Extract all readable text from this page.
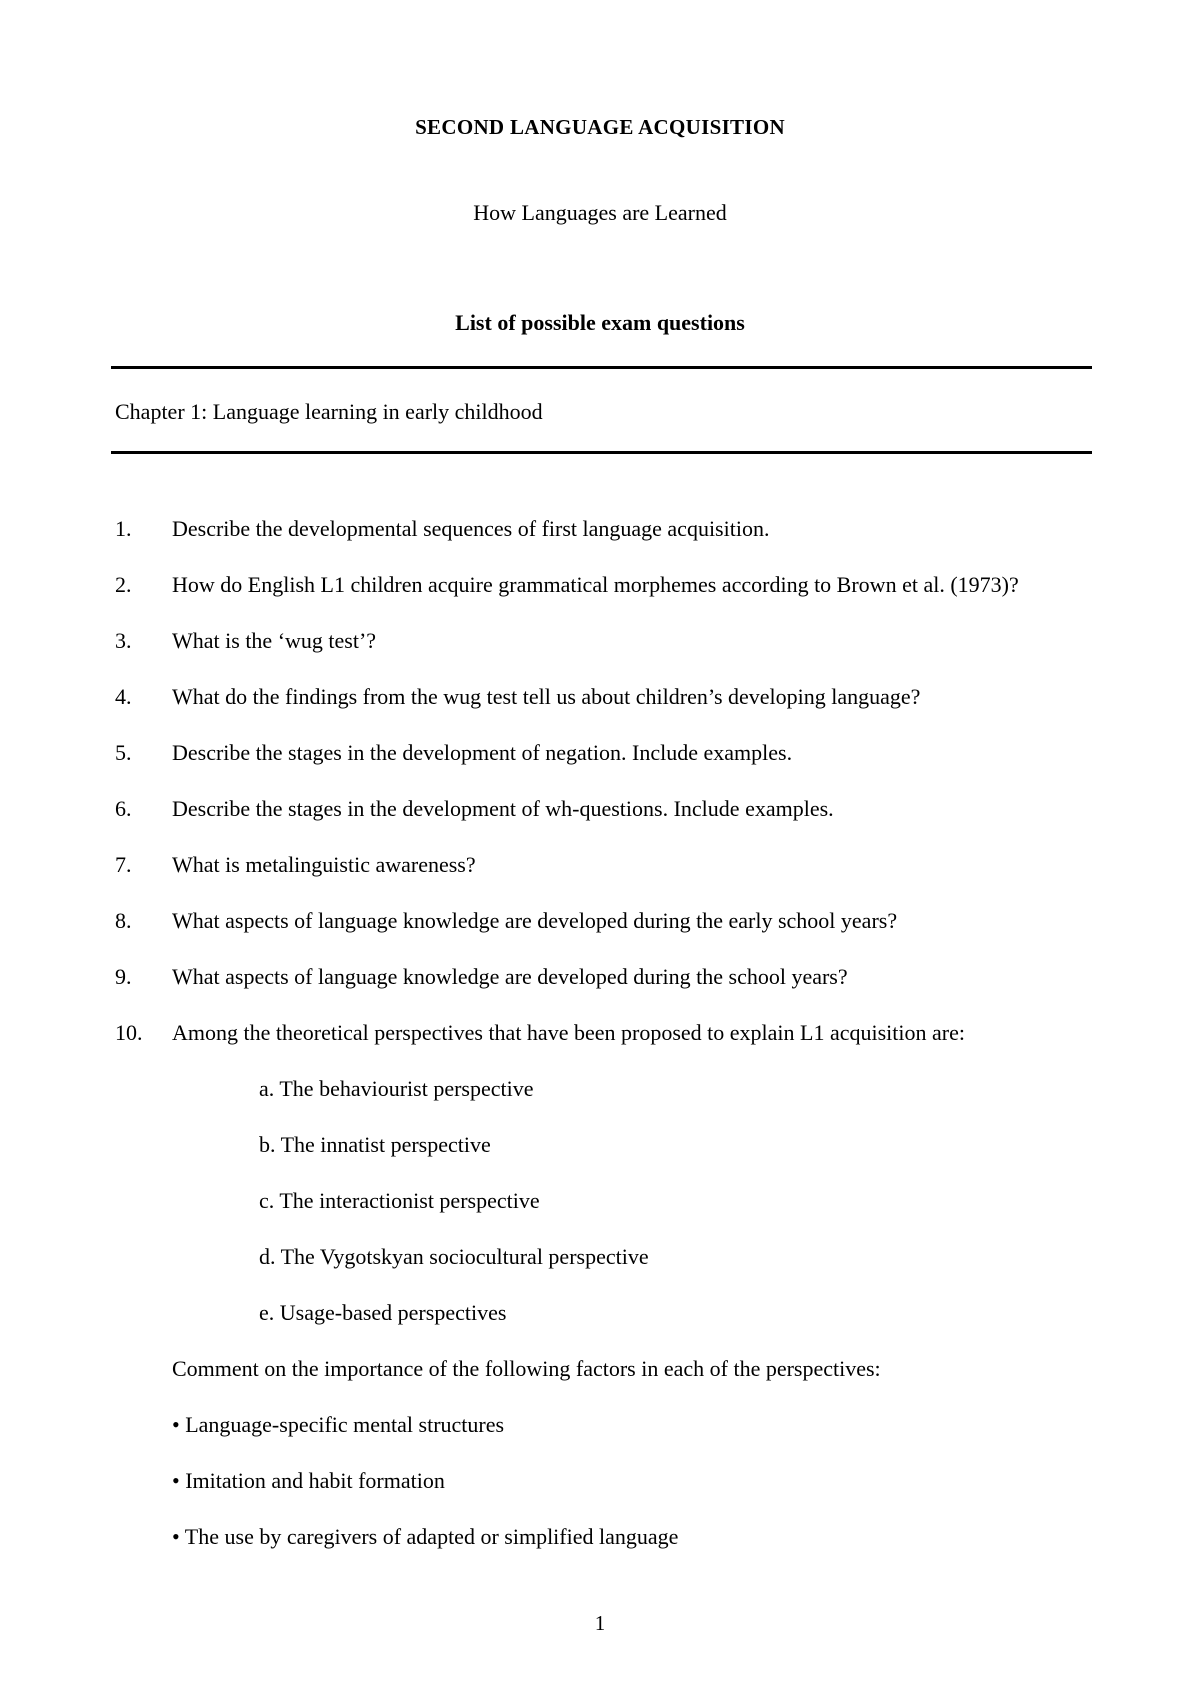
SECOND LANGUAGE ACQUISITION
How Languages are Learned
List of possible exam questions
Chapter 1: Language learning in early childhood
1. Describe the developmental sequences of first language acquisition.
2. How do English L1 children acquire grammatical morphemes according to Brown et al. (1973)?
3. What is the ‘wug test’?
4. What do the findings from the wug test tell us about children’s developing language?
5. Describe the stages in the development of negation. Include examples.
6. Describe the stages in the development of wh-questions. Include examples.
7. What is metalinguistic awareness?
8. What aspects of language knowledge are developed during the early school years?
9. What aspects of language knowledge are developed during the school years?
10. Among the theoretical perspectives that have been proposed to explain L1 acquisition are:
a. The behaviourist perspective
b. The innatist perspective
c. The interactionist perspective
d. The Vygotskyan sociocultural perspective
e. Usage-based perspectives
Comment on the importance of the following factors in each of the perspectives:
• Language-specific mental structures
• Imitation and habit formation
• The use by caregivers of adapted or simplified language
1
